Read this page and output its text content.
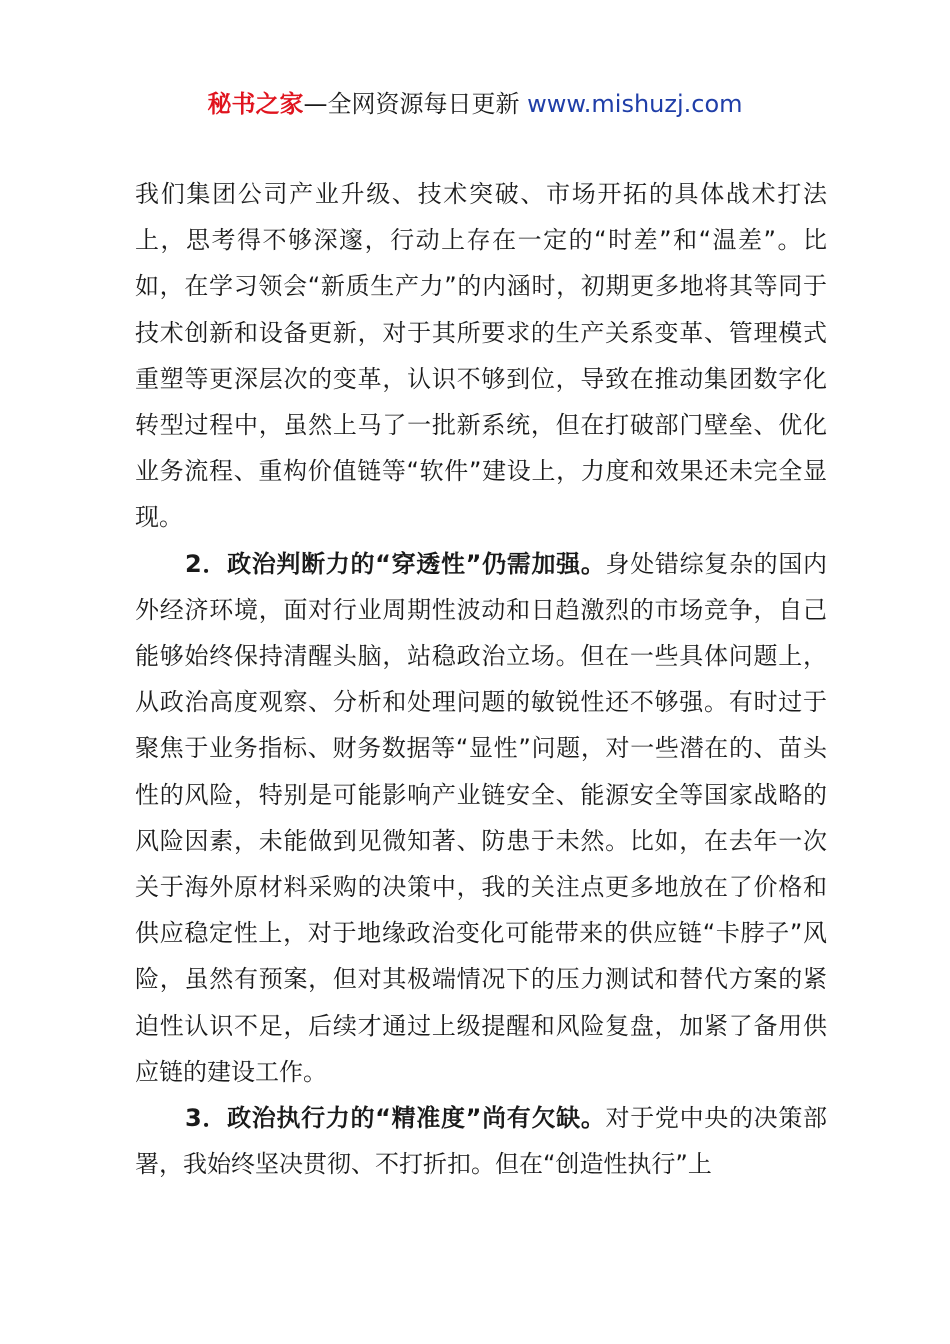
秘书之家—全网资源每日更新 www.mishuzj.com

我们集团公司产业升级、技术突破、市场开拓的具体战术打法上，思考得不够深邃，行动上存在一定的“时差”和“温差”。比如，在学习领会“新质生产力”的内涵时，初期更多地将其等同于技术创新和设备更新，对于其所要求的生产关系变革、管理模式重塑等更深层次的变革，认识不够到位，导致在推动集团数字化转型过程中，虽然上马了一批新系统，但在打破部门壁垒、优化业务流程、重构价值链等“软件”建设上，力度和效果还未完全显现。

2．政治判断力的“穿透性”仍需加强。身处错综复杂的国内外经济环境，面对行业周期性波动和日趋激烈的市场竞争，自己能够始终保持清醒头脑，站稳政治立场。但在一些具体问题上，从政治高度观察、分析和处理问题的敏锐性还不够强。有时过于聚焦于业务指标、财务数据等“显性”问题，对一些潜在的、苗头性的风险，特别是可能影响产业链安全、能源安全等国家战略的风险因素，未能做到见微知著、防患于未然。比如，在去年一次关于海外原材料采购的决策中，我的关注点更多地放在了价格和供应稳定性上，对于地缘政治变化可能带来的供应链“卡脖子”风险，虽然有预案，但对其极端情况下的压力测试和替代方案的紧迫性认识不足，后续才通过上级提醒和风险复盘，加紧了备用供应链的建设工作。

3．政治执行力的“精准度”尚有欠缺。对于党中央的决策部署，我始终坚决贯彻、不打折扣。但在“创造性执行”上
